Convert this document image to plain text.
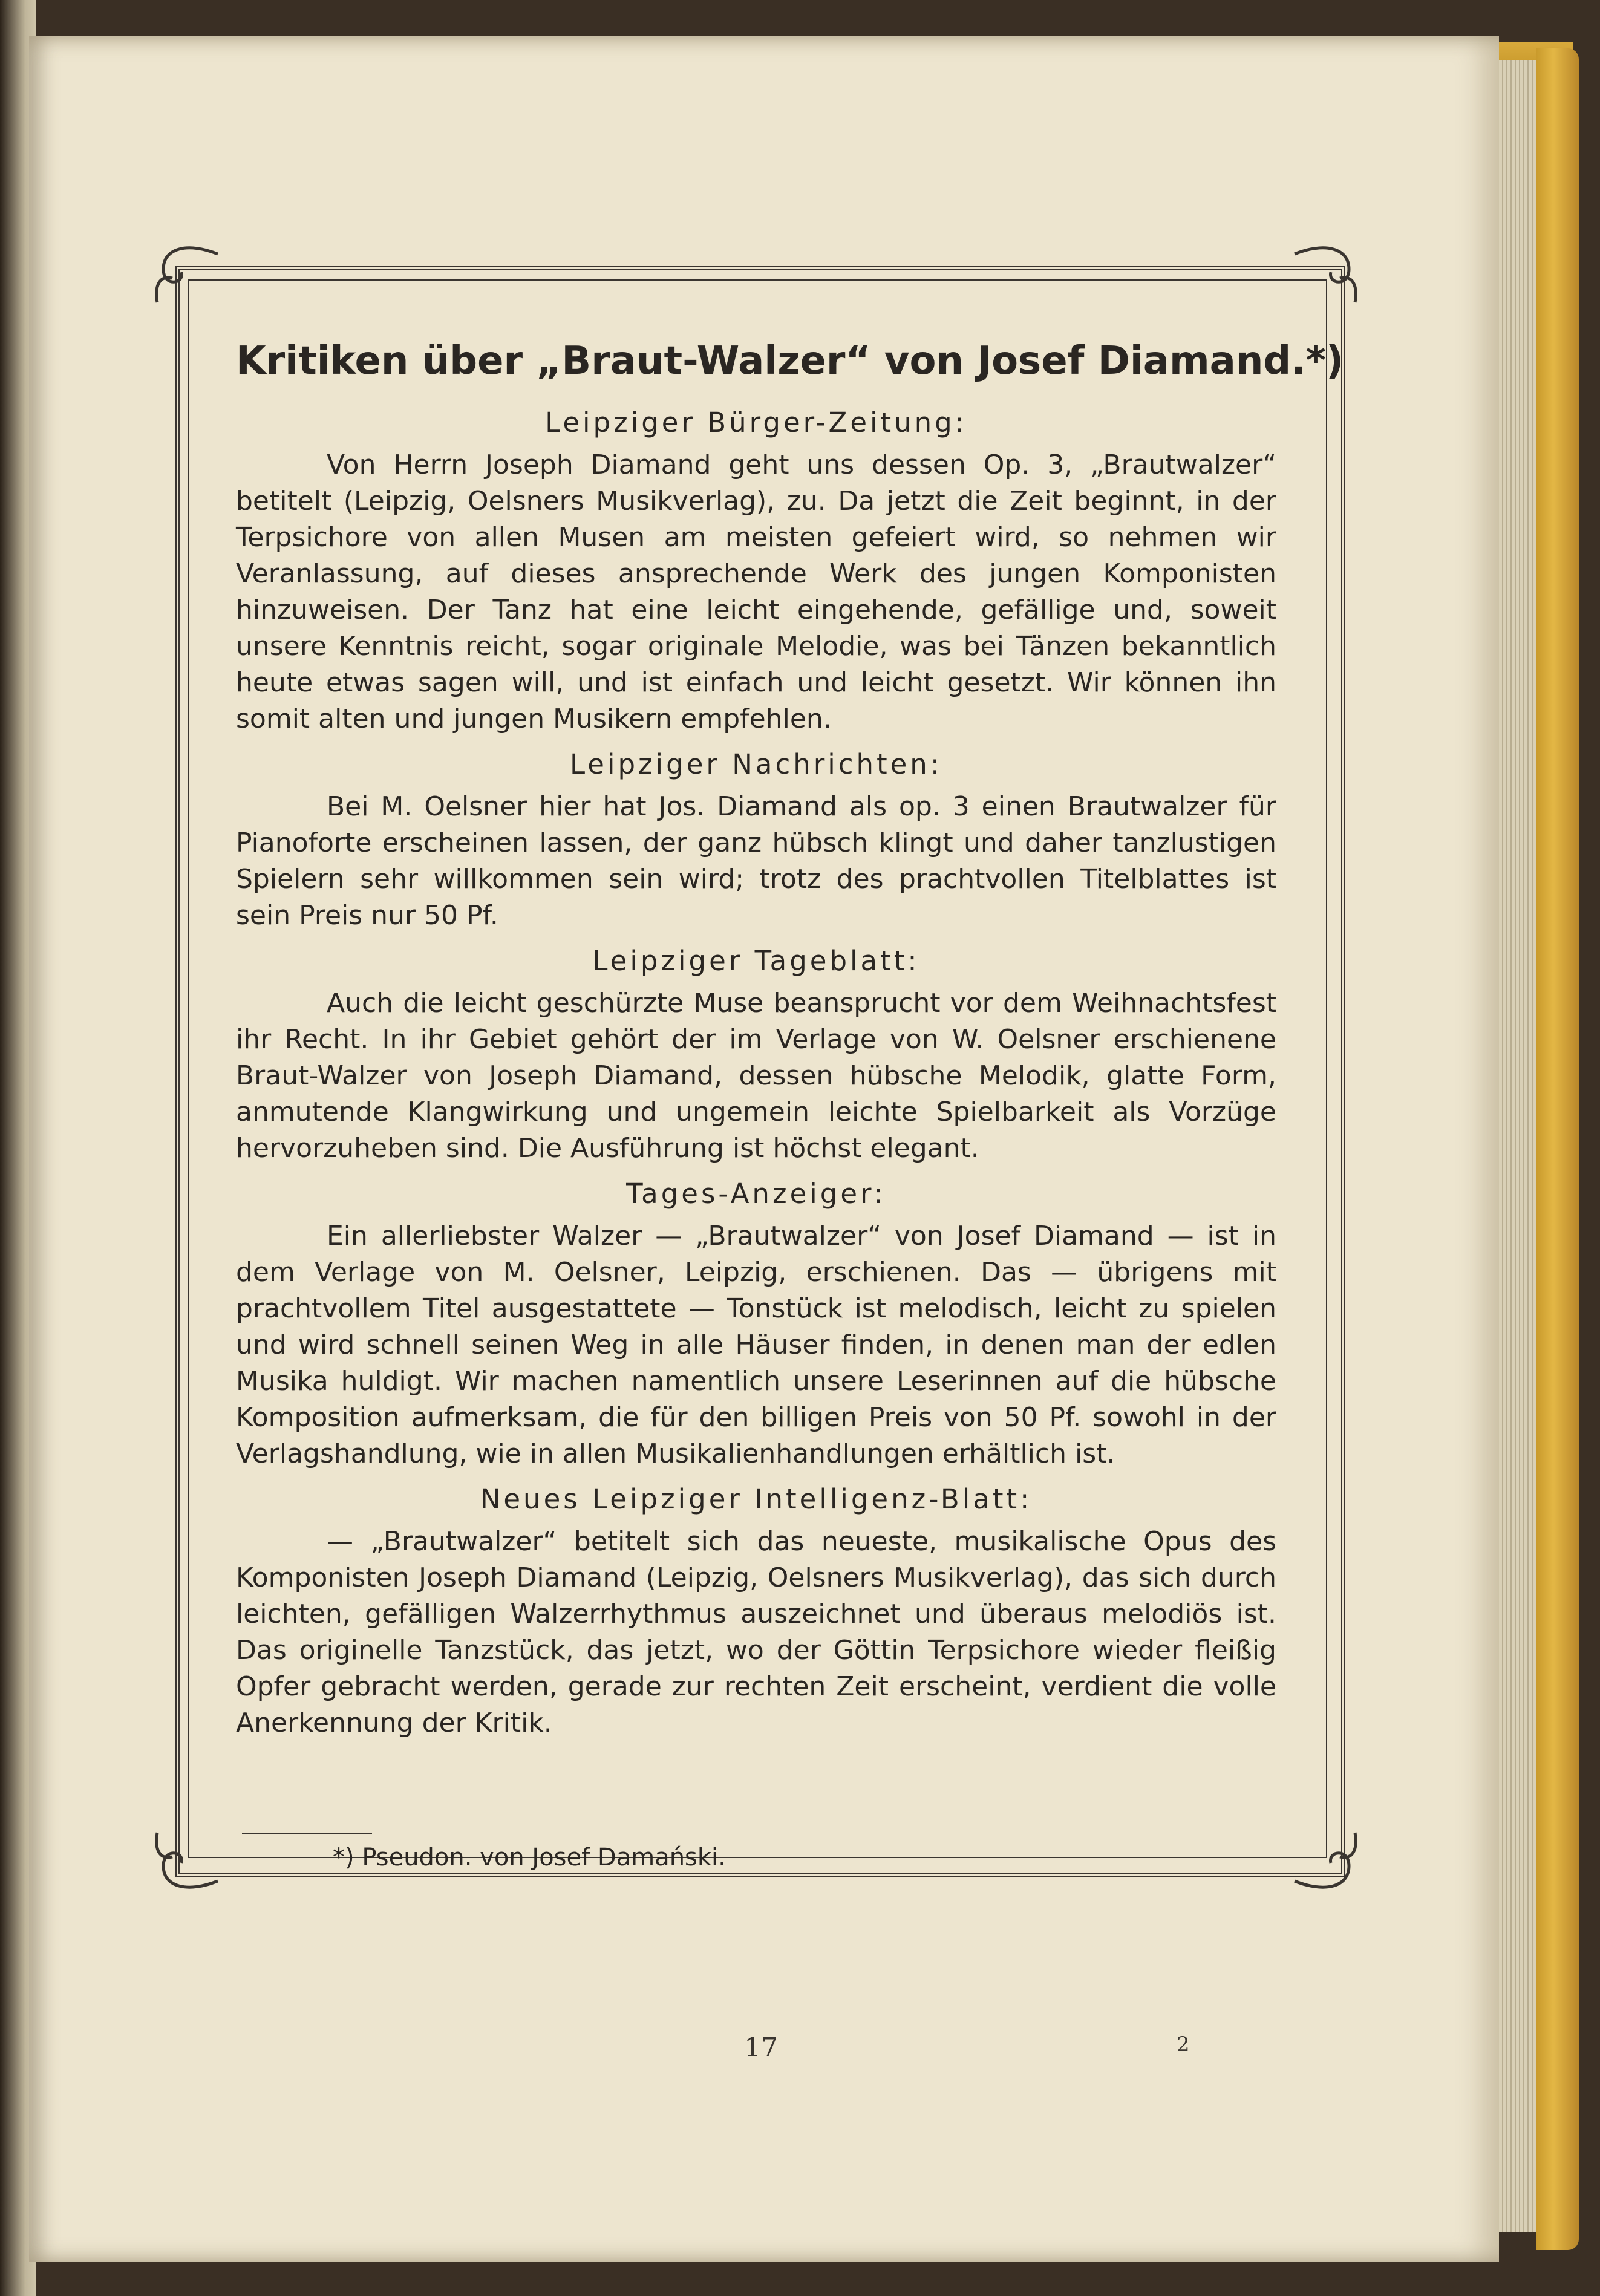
Kritiken über „Braut-Walzer“ von Josef Diamand.*)
Leipziger Bürger-Zeitung:

Von Herrn Joseph Diamand geht uns dessen Op. 3, „Brautwalzer“ betitelt (Leipzig, Oelsners Musikverlag), zu. Da jetzt die Zeit beginnt, in der Terpsichore von allen Musen am meisten gefeiert wird, so nehmen wir Veranlassung, auf dieses ansprechende Werk des jungen Komponisten hinzuweisen. Der Tanz hat eine leicht eingehende, gefällige und, soweit unsere Kenntnis reicht, sogar originale Melodie, was bei Tänzen bekanntlich heute etwas sagen will, und ist einfach und leicht gesetzt. Wir können ihn somit alten und jungen Musikern empfehlen.

Leipziger Nachrichten:

Bei M. Oelsner hier hat Jos. Diamand als op. 3 einen Brautwalzer für Pianoforte erscheinen lassen, der ganz hübsch klingt und daher tanzlustigen Spielern sehr willkommen sein wird; trotz des prachtvollen Titelblattes ist sein Preis nur 50 Pf.

Leipziger Tageblatt:

Auch die leicht geschürzte Muse beansprucht vor dem Weihnachtsfest ihr Recht. In ihr Gebiet gehört der im Verlage von W. Oelsner erschienene Braut-Walzer von Joseph Diamand, dessen hübsche Melodik, glatte Form, anmutende Klangwirkung und ungemein leichte Spielbarkeit als Vorzüge hervorzuheben sind. Die Ausführung ist höchst elegant.

Tages-Anzeiger:

Ein allerliebster Walzer — „Brautwalzer“ von Josef Diamand — ist in dem Verlage von M. Oelsner, Leipzig, erschienen. Das — übrigens mit prachtvollem Titel ausgestattete — Tonstück ist melodisch, leicht zu spielen und wird schnell seinen Weg in alle Häuser finden, in denen man der edlen Musika huldigt. Wir machen namentlich unsere Leserinnen auf die hübsche Komposition aufmerksam, die für den billigen Preis von 50 Pf. sowohl in der Verlagshandlung, wie in allen Musikalienhandlungen erhältlich ist.

Neues Leipziger Intelligenz-Blatt:

— „Brautwalzer“ betitelt sich das neueste, musikalische Opus des Komponisten Joseph Diamand (Leipzig, Oelsners Musikverlag), das sich durch leichten, gefälligen Walzerrhythmus auszeichnet und überaus melodiös ist. Das originelle Tanzstück, das jetzt, wo der Göttin Terpsichore wieder fleißig Opfer gebracht werden, gerade zur rechten Zeit erscheint, verdient die volle Anerkennung der Kritik.

*) Pseudon. von Josef Damański.
17	2
